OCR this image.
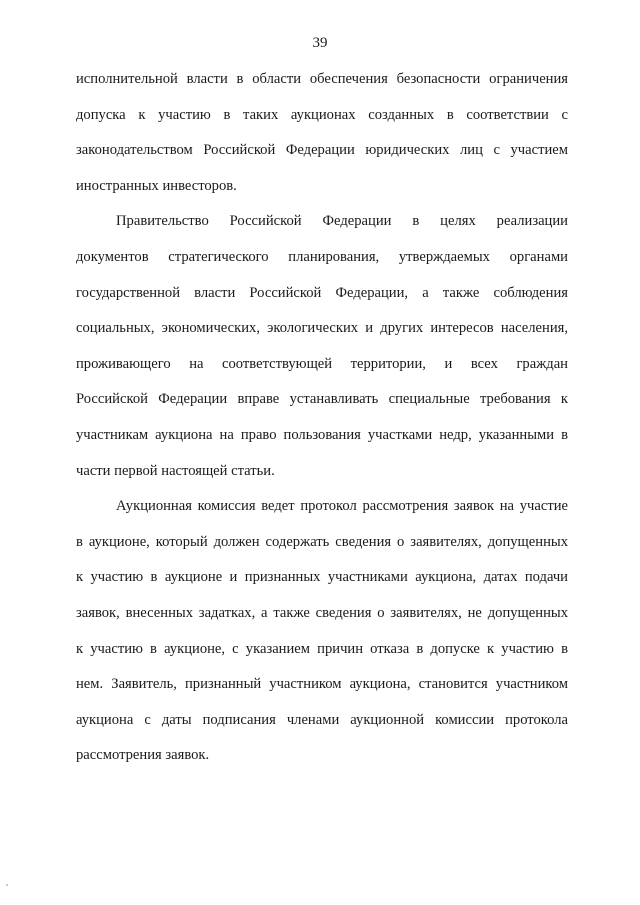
39
исполнительной власти в области обеспечения безопасности ограничения
допуска к участию в таких аукционах созданных в соответствии с
законодательством Российской Федерации юридических лиц с участием
иностранных инвесторов.
Правительство Российской Федерации в целях реализации
документов стратегического планирования, утверждаемых органами
государственной власти Российской Федерации, а также соблюдения
социальных, экономических, экологических и других интересов населения,
проживающего на соответствующей территории, и всех граждан
Российской Федерации вправе устанавливать специальные требования к
участникам аукциона на право пользования участками недр, указанными в
части первой настоящей статьи.
Аукционная комиссия ведет протокол рассмотрения заявок на участие
в аукционе, который должен содержать сведения о заявителях, допущенных
к участию в аукционе и признанных участниками аукциона, датах подачи
заявок, внесенных задатках, а также сведения о заявителях, не допущенных
к участию в аукционе, с указанием причин отказа в допуске к участию в
нем. Заявитель, признанный участником аукциона, становится участником
аукциона с даты подписания членами аукционной комиссии протокола
рассмотрения заявок.
